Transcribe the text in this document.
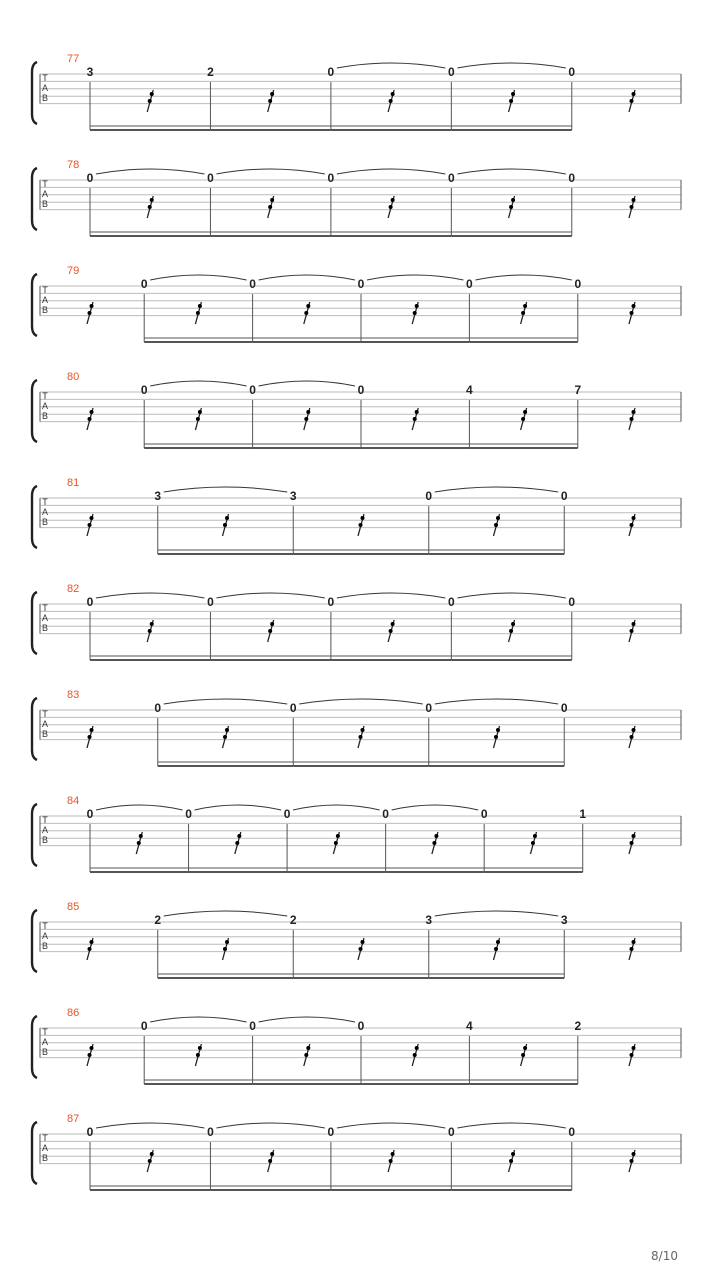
T
A
B
77
3	2	0	0	0
T
A
B
78
0	0	0	0	0
T
A
B
79
0	0	0	0	0
T
A
B
80
0	0	0	4	7
T
A
B
81
3	3	0	0
T
A
B
82
0	0	0	0	0
T
A
B
83
0	0	0	0
T
A
B
84
0	0	0	0	0	1
T
A
B
85
2	2	3	3
T
A
B
86
0	0	0	4	2
T
A
B
87
0	0	0	0	0
8/10
